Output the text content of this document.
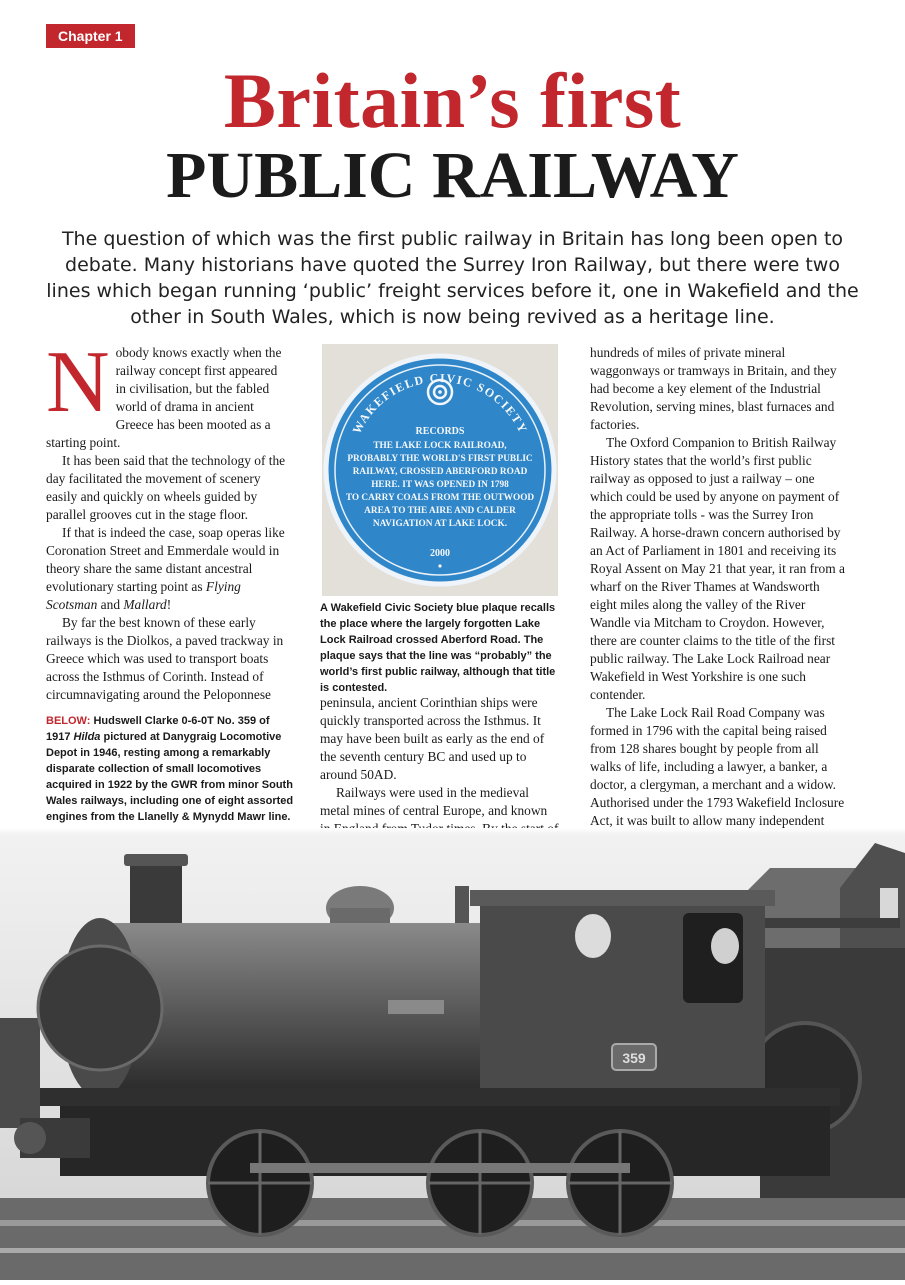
Chapter 1
Britain’s first
PUBLIC RAILWAY
The question of which was the first public railway in Britain has long been open to debate. Many historians have quoted the Surrey Iron Railway, but there were two lines which began running ‘public’ freight services before it, one in Wakefield and the other in South Wales, which is now being revived as a heritage line.

Nobody knows exactly when the railway concept first appeared in civilisation, but the fabled world of drama in ancient Greece has been mooted as a starting point.

It has been said that the technology of the day facilitated the movement of scenery easily and quickly on wheels guided by parallel grooves cut in the stage floor.

If that is indeed the case, soap operas like Coronation Street and Emmerdale would in theory share the same distant ancestral evolutionary starting point as Flying Scotsman and Mallard!

By far the best known of these early railways is the Diolkos, a paved trackway in Greece which was used to transport boats across the Isthmus of Corinth. Instead of circumnavigating around the Peloponnese

BELOW: Hudswell Clarke 0-6-0T No. 359 of 1917 Hilda pictured at Danygraig Locomotive Depot in 1946, resting among a remarkably disparate collection of small locomotives acquired in 1922 by the GWR from minor South Wales railways, including one of eight assorted engines from the Llanelly & Mynydd Mawr line.
WAKEFIELD CIVIC SOCIETY
RECORDS
THE LAKE LOCK RAILROAD,
PROBABLY THE WORLD'S FIRST PUBLIC
RAILWAY, CROSSED ABERFORD ROAD
HERE. IT WAS OPENED IN 1798
TO CARRY COALS FROM THE OUTWOOD
AREA TO THE AIRE AND CALDER
NAVIGATION AT LAKE LOCK.
2000
A Wakefield Civic Society blue plaque recalls the place where the largely forgotten Lake Lock Railroad crossed Aberford Road. The plaque says that the line was “probably” the world’s first public railway, although that title is contested.

peninsula, ancient Corinthian ships were quickly transported across the Isthmus. It may have been built as early as the end of the seventh century BC and used up to around 50AD.

Railways were used in the medieval metal mines of central Europe, and known

hundreds of miles of private mineral waggonways or tramways in Britain, and they had become a key element of the Industrial Revolution, serving mines, blast furnaces and factories.

The Oxford Companion to British Railway History states that the world’s first public railway as opposed to just a railway – one which could be used by anyone on payment of the appropriate tolls - was the Surrey Iron Railway. A horse-drawn concern authorised by an Act of Parliament in 1801 and receiving its Royal Assent on May 21 that year, it ran from a wharf on the River Thames at Wandsworth eight miles along the valley of the River Wandle via Mitcham to Croydon. However, there are counter claims to the title of the first public railway. The Lake Lock Railroad near Wakefield in West Yorkshire is one such contender.

The Lake Lock Rail Road Company was formed in 1796 with the capital being raised from 128 shares bought by people from all walks of life, including a lawyer, a banker, a doctor, a clergyman, a merchant and a widow. Authorised under the 1793 Wakefield Inclosure Act, it was built to allow many independent

359
